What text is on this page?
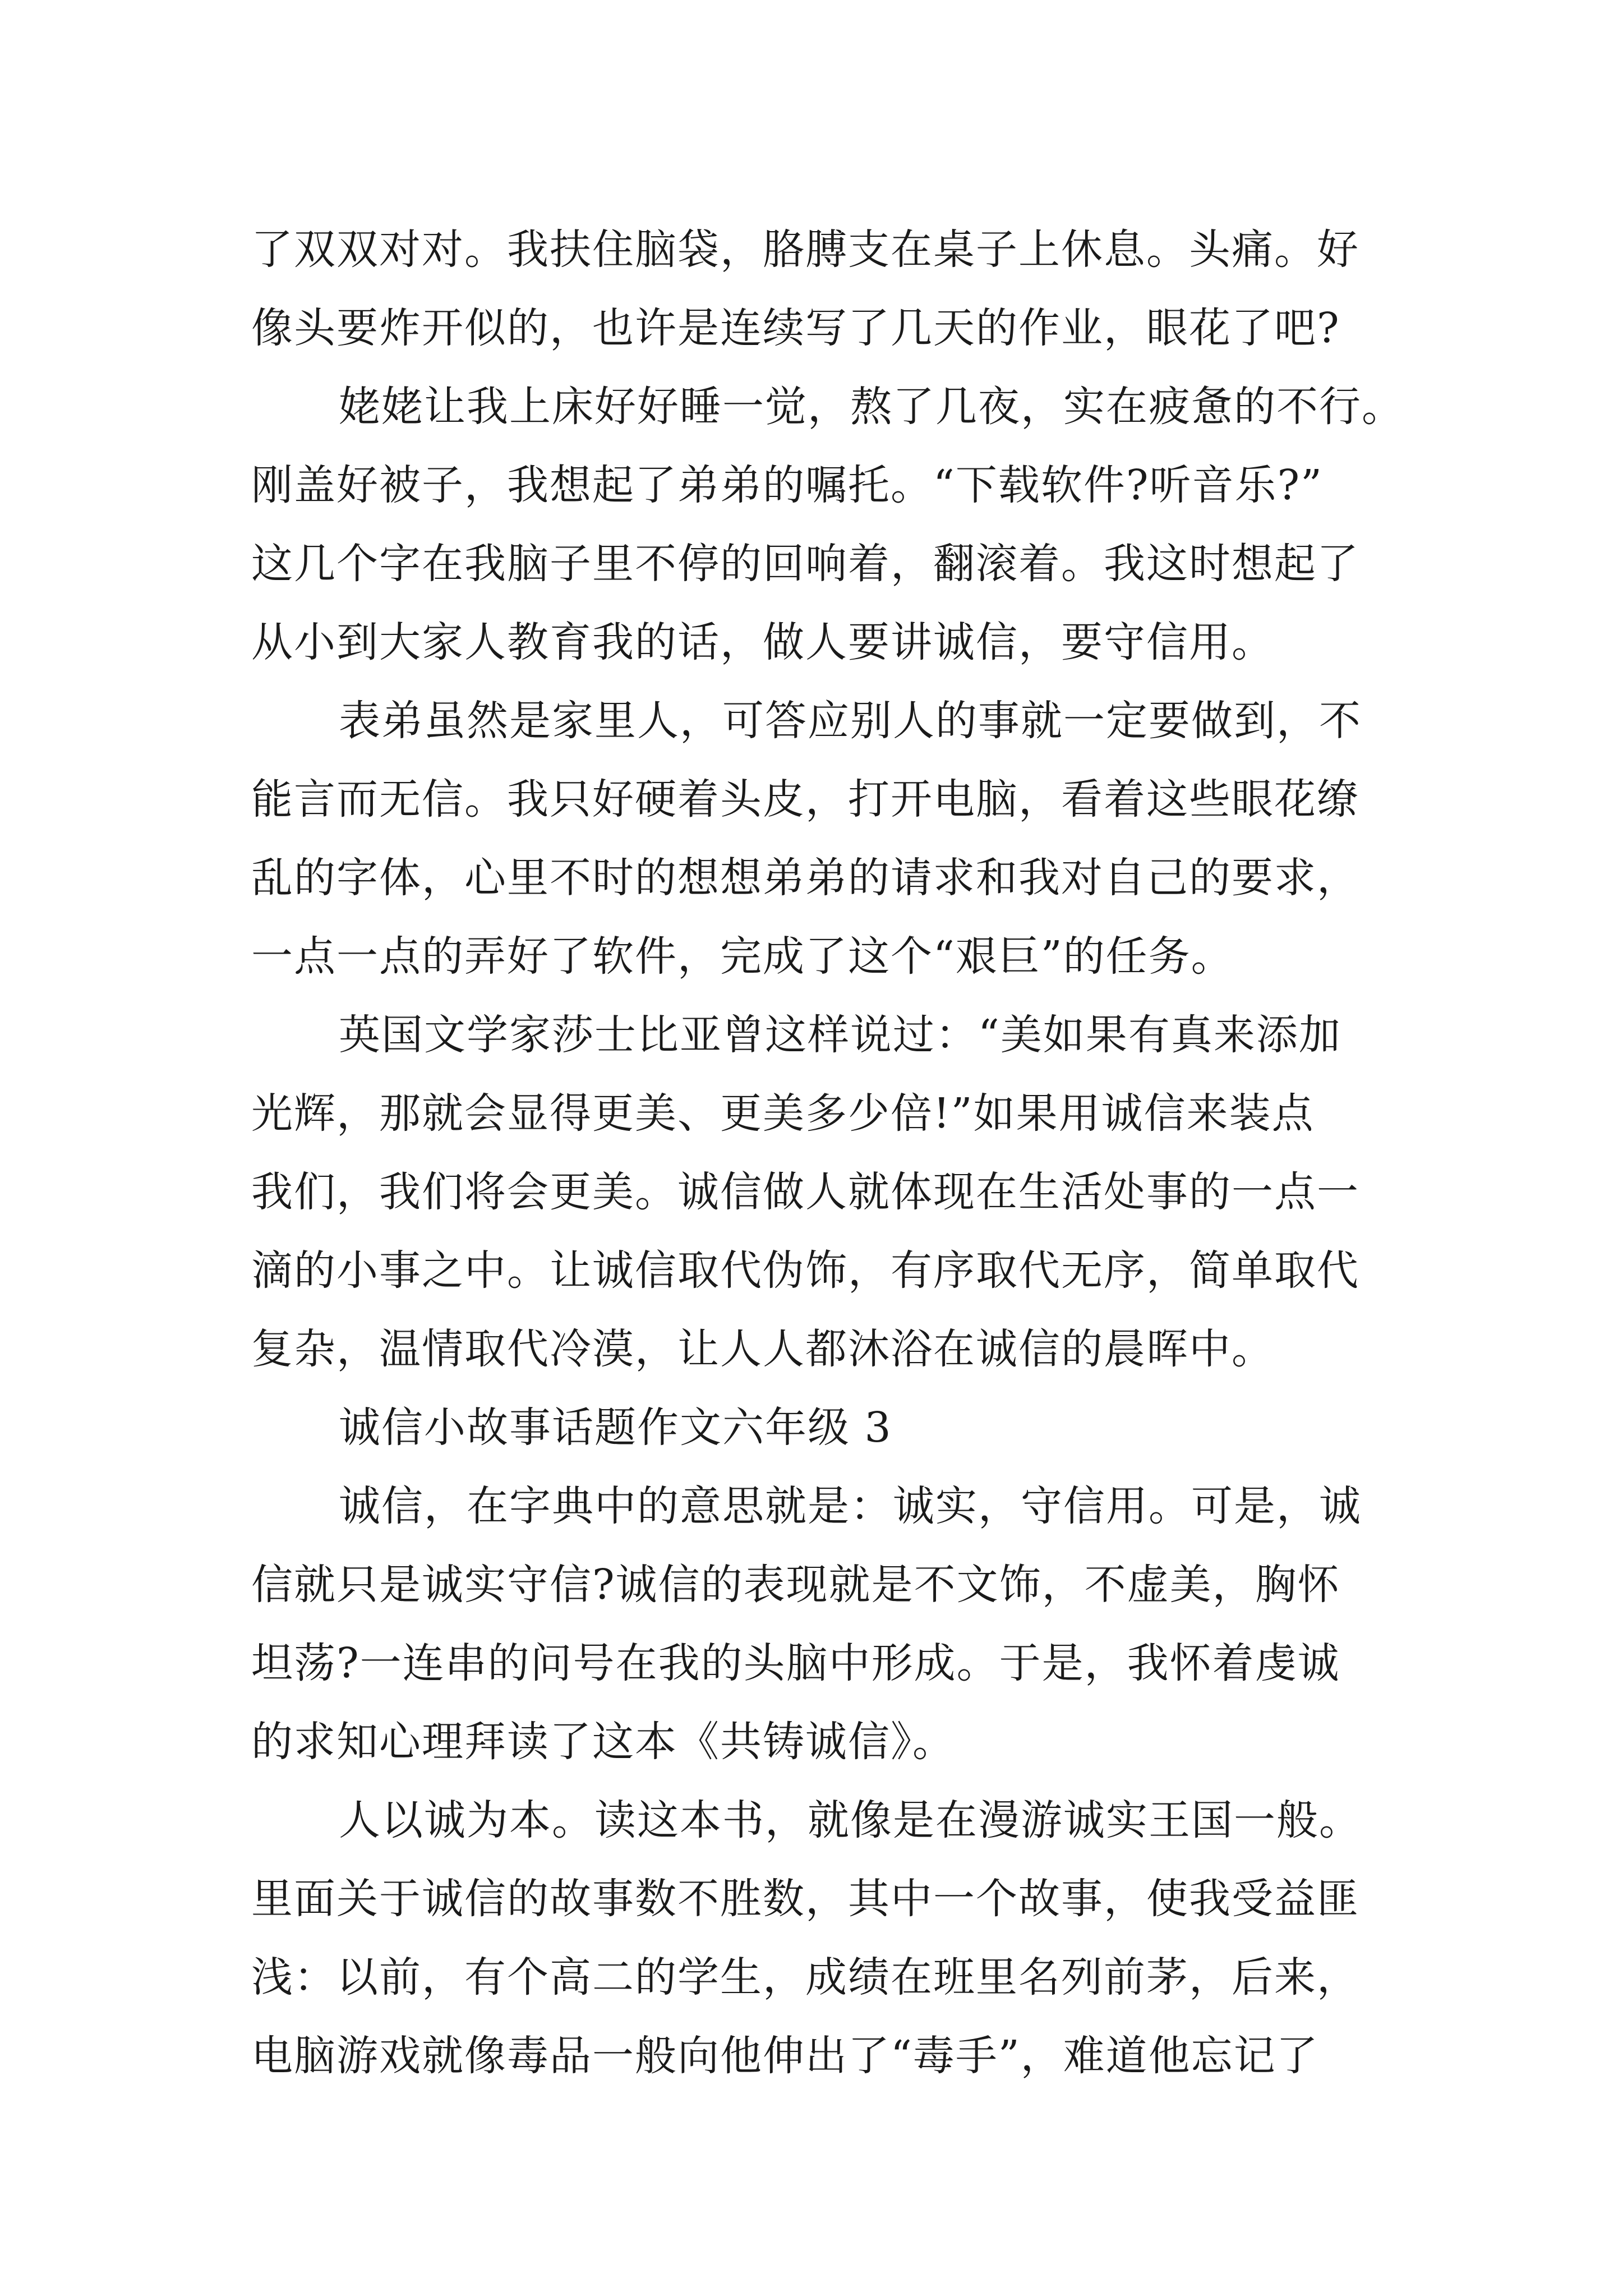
了双双对对。我扶住脑袋，胳膊支在桌子上休息。头痛。好
像头要炸开似的，也许是连续写了几天的作业，眼花了吧?
姥姥让我上床好好睡一觉，熬了几夜，实在疲惫的不行。
刚盖好被子，我想起了弟弟的嘱托。“下载软件?听音乐?”
这几个字在我脑子里不停的回响着，翻滚着。我这时想起了
从小到大家人教育我的话，做人要讲诚信，要守信用。
表弟虽然是家里人，可答应别人的事就一定要做到，不
能言而无信。我只好硬着头皮，打开电脑，看着这些眼花缭
乱的字体，心里不时的想想弟弟的请求和我对自己的要求，
一点一点的弄好了软件，完成了这个“艰巨”的任务。
英国文学家莎士比亚曾这样说过：“美如果有真来添加
光辉，那就会显得更美、更美多少倍!”如果用诚信来装点
我们，我们将会更美。诚信做人就体现在生活处事的一点一
滴的小事之中。让诚信取代伪饰，有序取代无序，简单取代
复杂，温情取代冷漠，让人人都沐浴在诚信的晨晖中。
诚信小故事话题作文六年级 3
诚信，在字典中的意思就是：诚实，守信用。可是，诚
信就只是诚实守信?诚信的表现就是不文饰，不虚美，胸怀
坦荡?一连串的问号在我的头脑中形成。于是，我怀着虔诚
的求知心理拜读了这本《共铸诚信》。
人以诚为本。读这本书，就像是在漫游诚实王国一般。
里面关于诚信的故事数不胜数，其中一个故事，使我受益匪
浅：以前，有个高二的学生，成绩在班里名列前茅，后来，
电脑游戏就像毒品一般向他伸出了“毒手”，难道他忘记了
